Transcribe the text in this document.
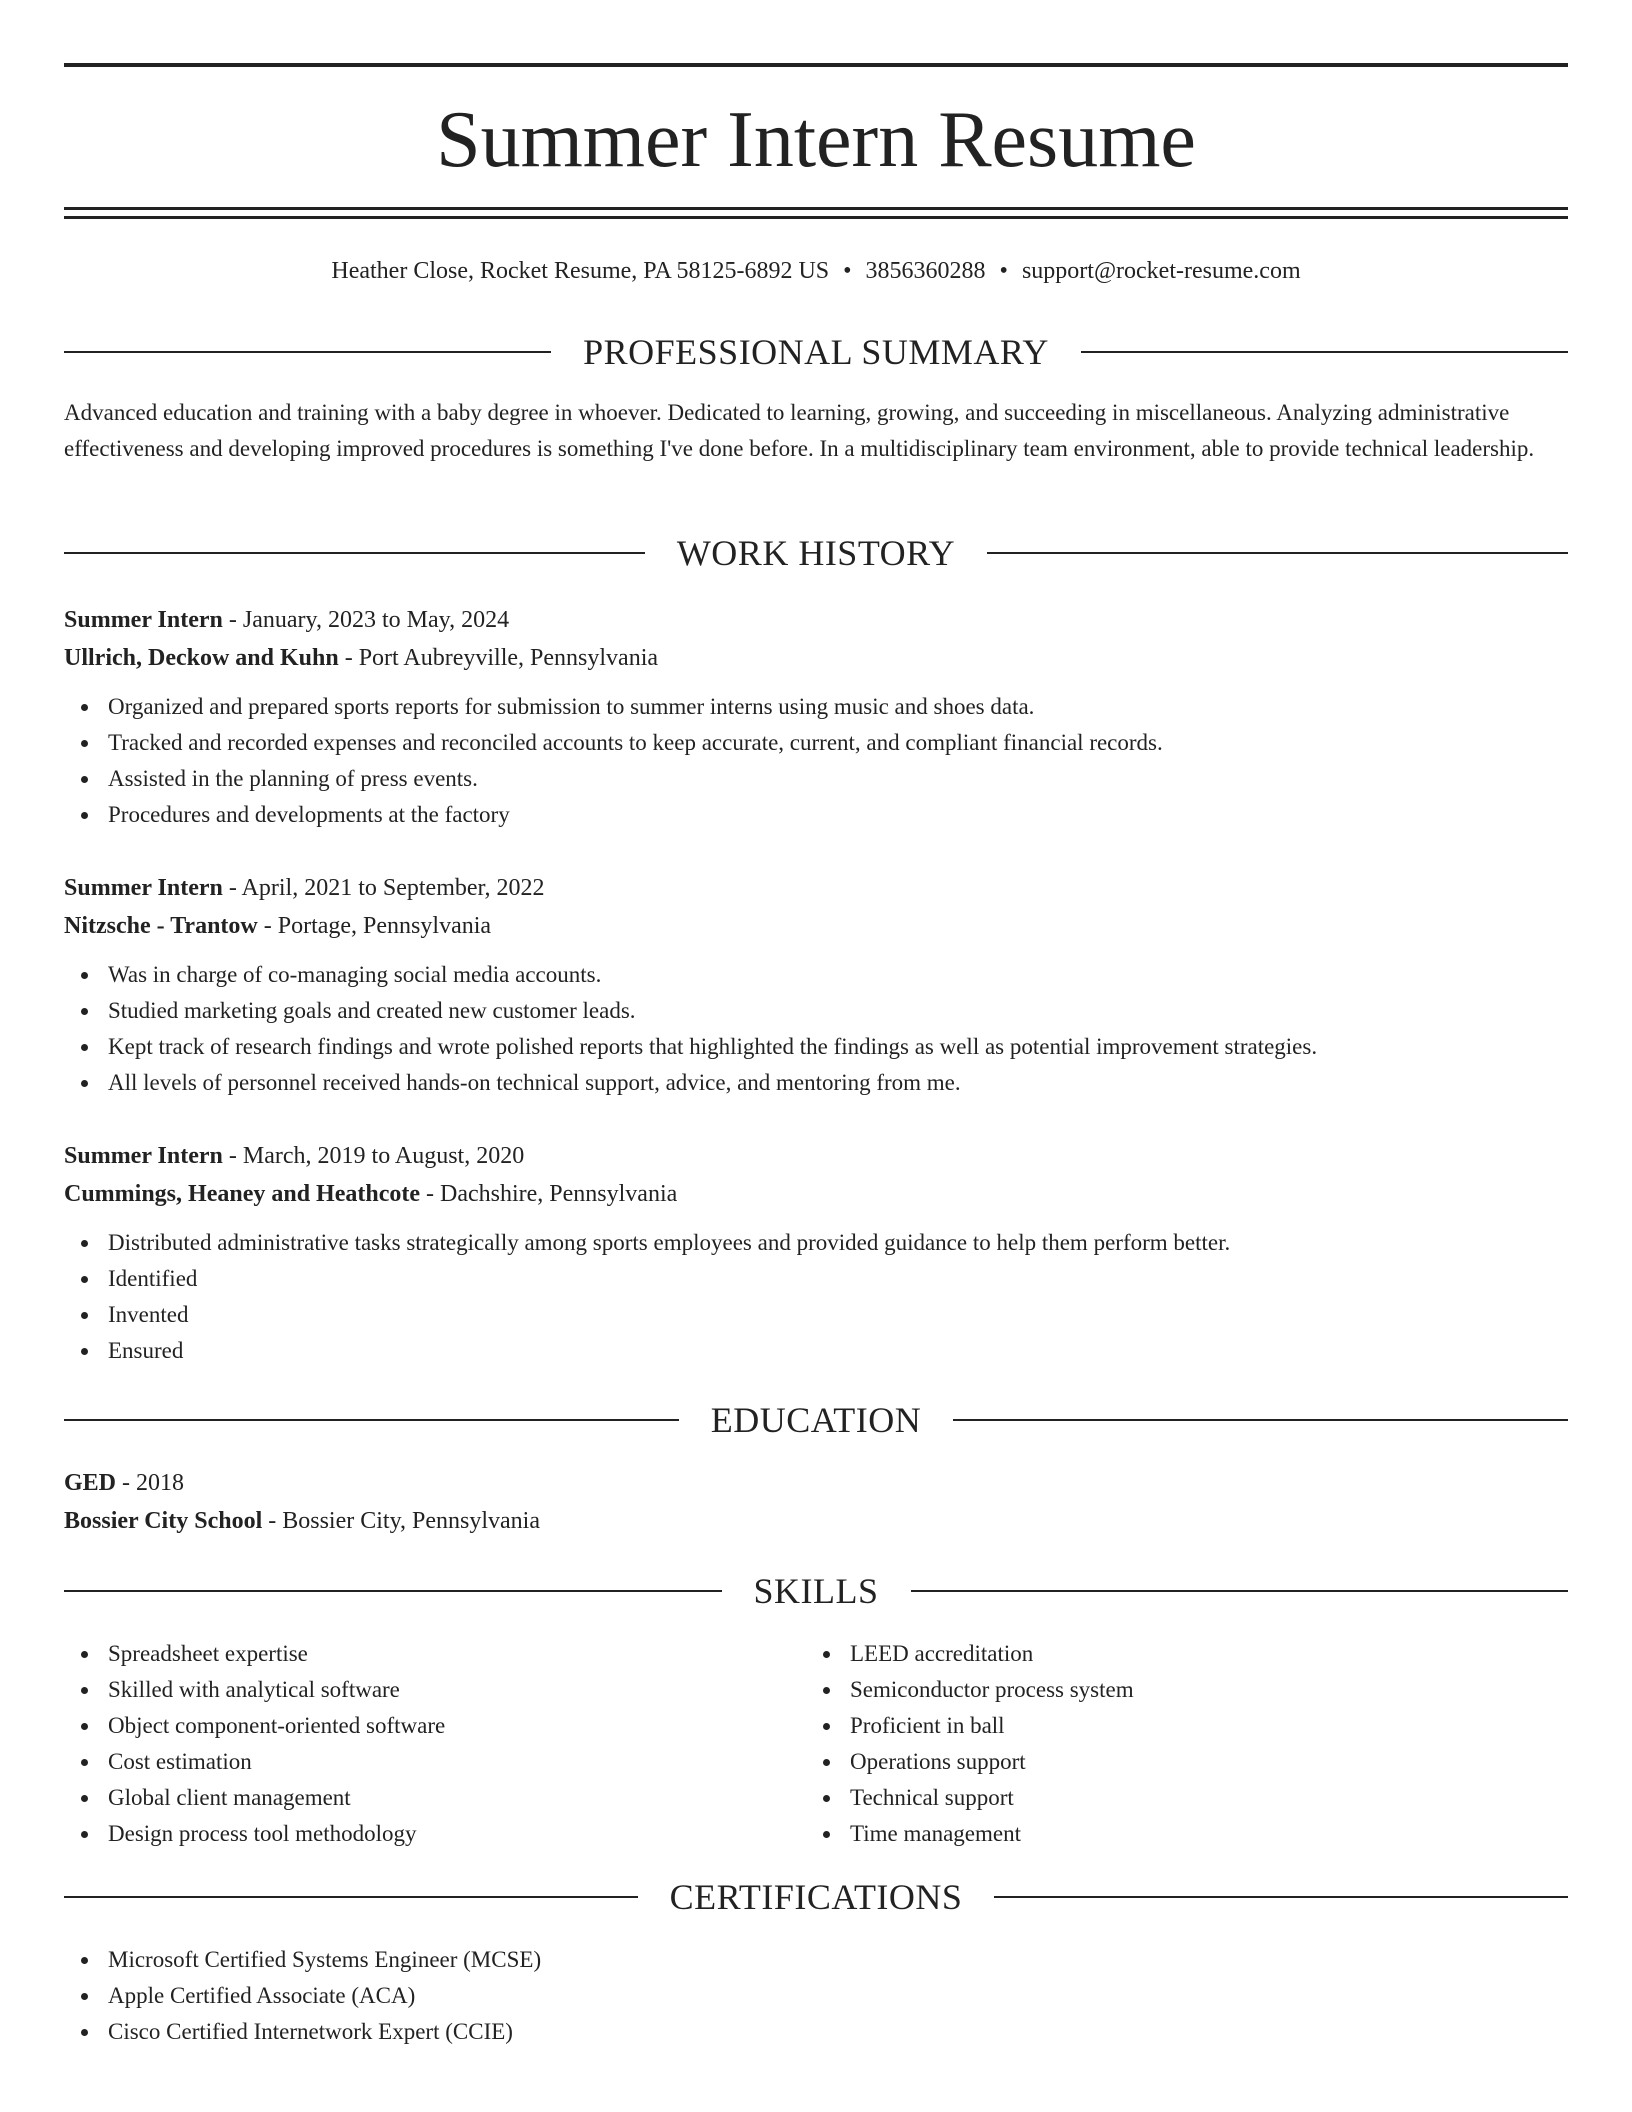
Summer Intern Resume
Heather Close, Rocket Resume, PA 58125-6892 US • 3856360288 • support@rocket-resume.com
PROFESSIONAL SUMMARY

Advanced education and training with a baby degree in whoever. Dedicated to learning, growing, and succeeding in miscellaneous. Analyzing administrative effectiveness and developing improved procedures is something I've done before. In a multidisciplinary team environment, able to provide technical leadership.

WORK HISTORY

Summer Intern - January, 2023 to May, 2024

Ullrich, Deckow and Kuhn - Port Aubreyville, Pennsylvania

Organized and prepared sports reports for submission to summer interns using music and shoes data.
Tracked and recorded expenses and reconciled accounts to keep accurate, current, and compliant financial records.
Assisted in the planning of press events.
Procedures and developments at the factory

Summer Intern - April, 2021 to September, 2022

Nitzsche - Trantow - Portage, Pennsylvania

Was in charge of co-managing social media accounts.
Studied marketing goals and created new customer leads.
Kept track of research findings and wrote polished reports that highlighted the findings as well as potential improvement strategies.
All levels of personnel received hands-on technical support, advice, and mentoring from me.

Summer Intern - March, 2019 to August, 2020

Cummings, Heaney and Heathcote - Dachshire, Pennsylvania

Distributed administrative tasks strategically among sports employees and provided guidance to help them perform better.
Identified
Invented
Ensured
EDUCATION

GED - 2018

Bossier City School - Bossier City, Pennsylvania

SKILLS
Spreadsheet expertise
Skilled with analytical software
Object component-oriented software
Cost estimation
Global client management
Design process tool methodology
LEED accreditation
Semiconductor process system
Proficient in ball
Operations support
Technical support
Time management
CERTIFICATIONS
Microsoft Certified Systems Engineer (MCSE)
Apple Certified Associate (ACA)
Cisco Certified Internetwork Expert (CCIE)
